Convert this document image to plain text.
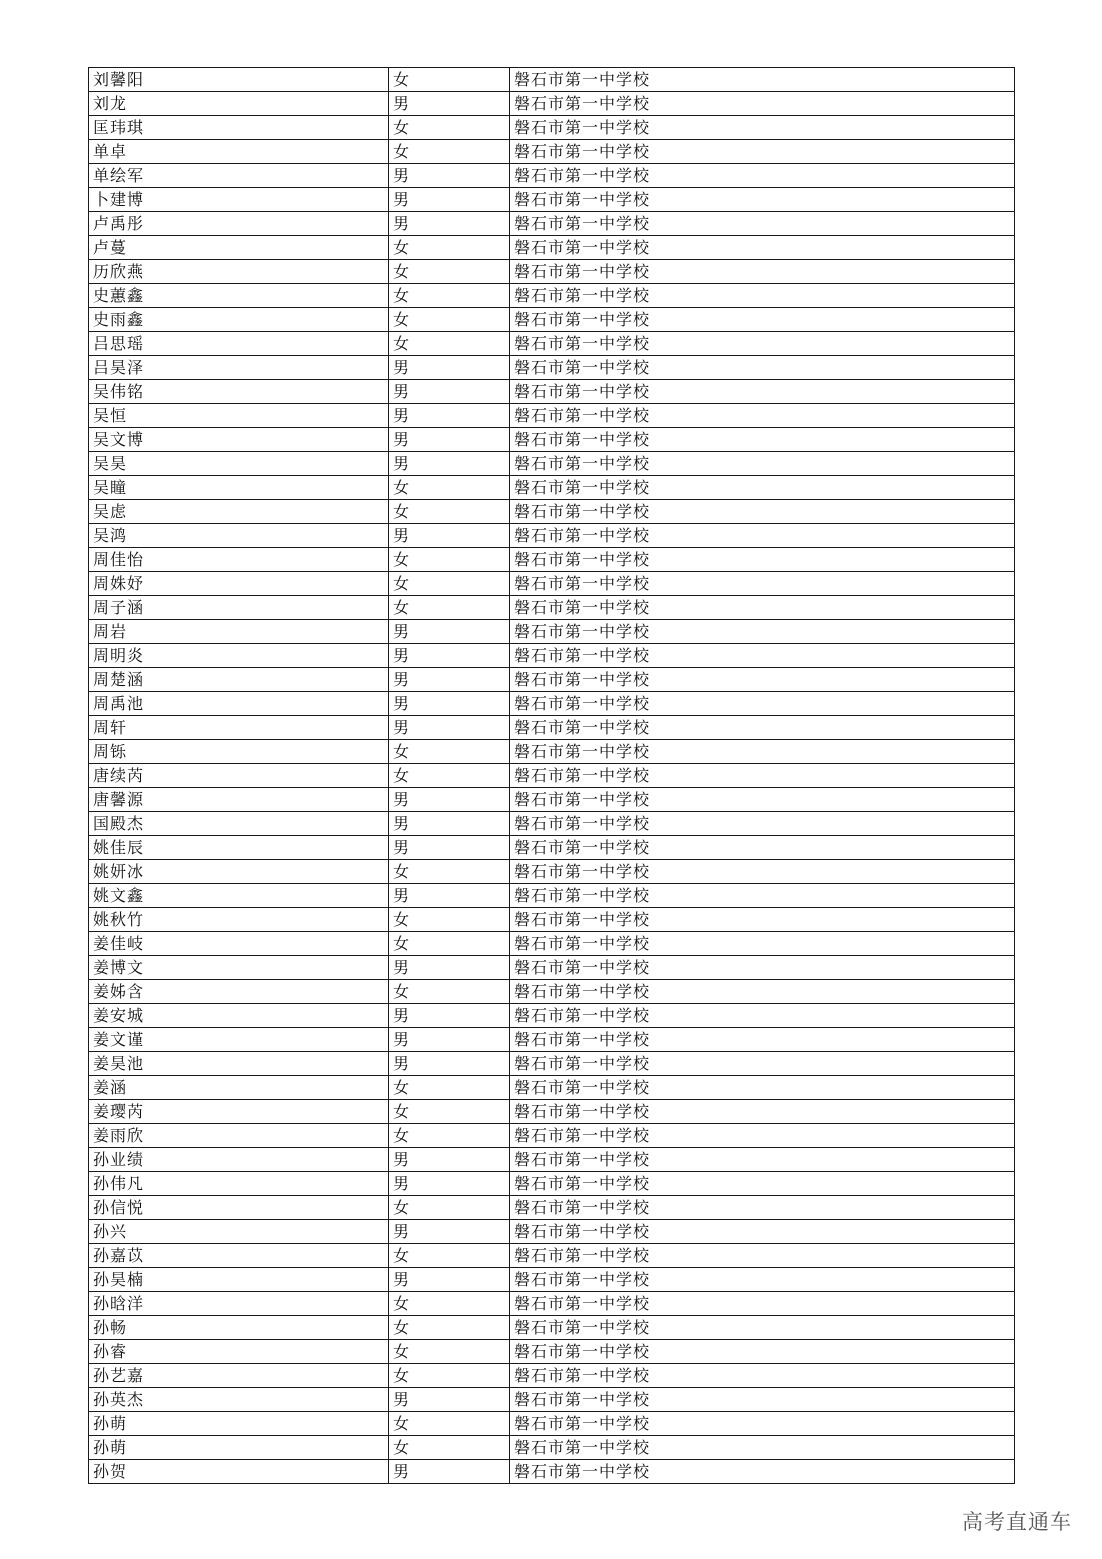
刘馨阳	女	磐石市第一中学校
刘龙	男	磐石市第一中学校
匡玮琪	女	磐石市第一中学校
单卓	女	磐石市第一中学校
单绘军	男	磐石市第一中学校
卜建博	男	磐石市第一中学校
卢禹彤	男	磐石市第一中学校
卢蔓	女	磐石市第一中学校
历欣燕	女	磐石市第一中学校
史蕙鑫	女	磐石市第一中学校
史雨鑫	女	磐石市第一中学校
吕思瑶	女	磐石市第一中学校
吕昊泽	男	磐石市第一中学校
吴伟铭	男	磐石市第一中学校
吴恒	男	磐石市第一中学校
吴文博	男	磐石市第一中学校
吴昊	男	磐石市第一中学校
吴瞳	女	磐石市第一中学校
吴虑	女	磐石市第一中学校
吴鸿	男	磐石市第一中学校
周佳怡	女	磐石市第一中学校
周姝妤	女	磐石市第一中学校
周子涵	女	磐石市第一中学校
周岩	男	磐石市第一中学校
周明炎	男	磐石市第一中学校
周楚涵	男	磐石市第一中学校
周禹池	男	磐石市第一中学校
周轩	男	磐石市第一中学校
周铄	女	磐石市第一中学校
唐续芮	女	磐石市第一中学校
唐馨源	男	磐石市第一中学校
国殿杰	男	磐石市第一中学校
姚佳辰	男	磐石市第一中学校
姚妍冰	女	磐石市第一中学校
姚文鑫	男	磐石市第一中学校
姚秋竹	女	磐石市第一中学校
姜佳岐	女	磐石市第一中学校
姜博文	男	磐石市第一中学校
姜姊含	女	磐石市第一中学校
姜安城	男	磐石市第一中学校
姜文谨	男	磐石市第一中学校
姜昊池	男	磐石市第一中学校
姜涵	女	磐石市第一中学校
姜璎芮	女	磐石市第一中学校
姜雨欣	女	磐石市第一中学校
孙业绩	男	磐石市第一中学校
孙伟凡	男	磐石市第一中学校
孙信悦	女	磐石市第一中学校
孙兴	男	磐石市第一中学校
孙嘉苡	女	磐石市第一中学校
孙昊楠	男	磐石市第一中学校
孙晗洋	女	磐石市第一中学校
孙畅	女	磐石市第一中学校
孙睿	女	磐石市第一中学校
孙艺嘉	女	磐石市第一中学校
孙英杰	男	磐石市第一中学校
孙萌	女	磐石市第一中学校
孙萌	女	磐石市第一中学校
孙贺	男	磐石市第一中学校
高考直通车
